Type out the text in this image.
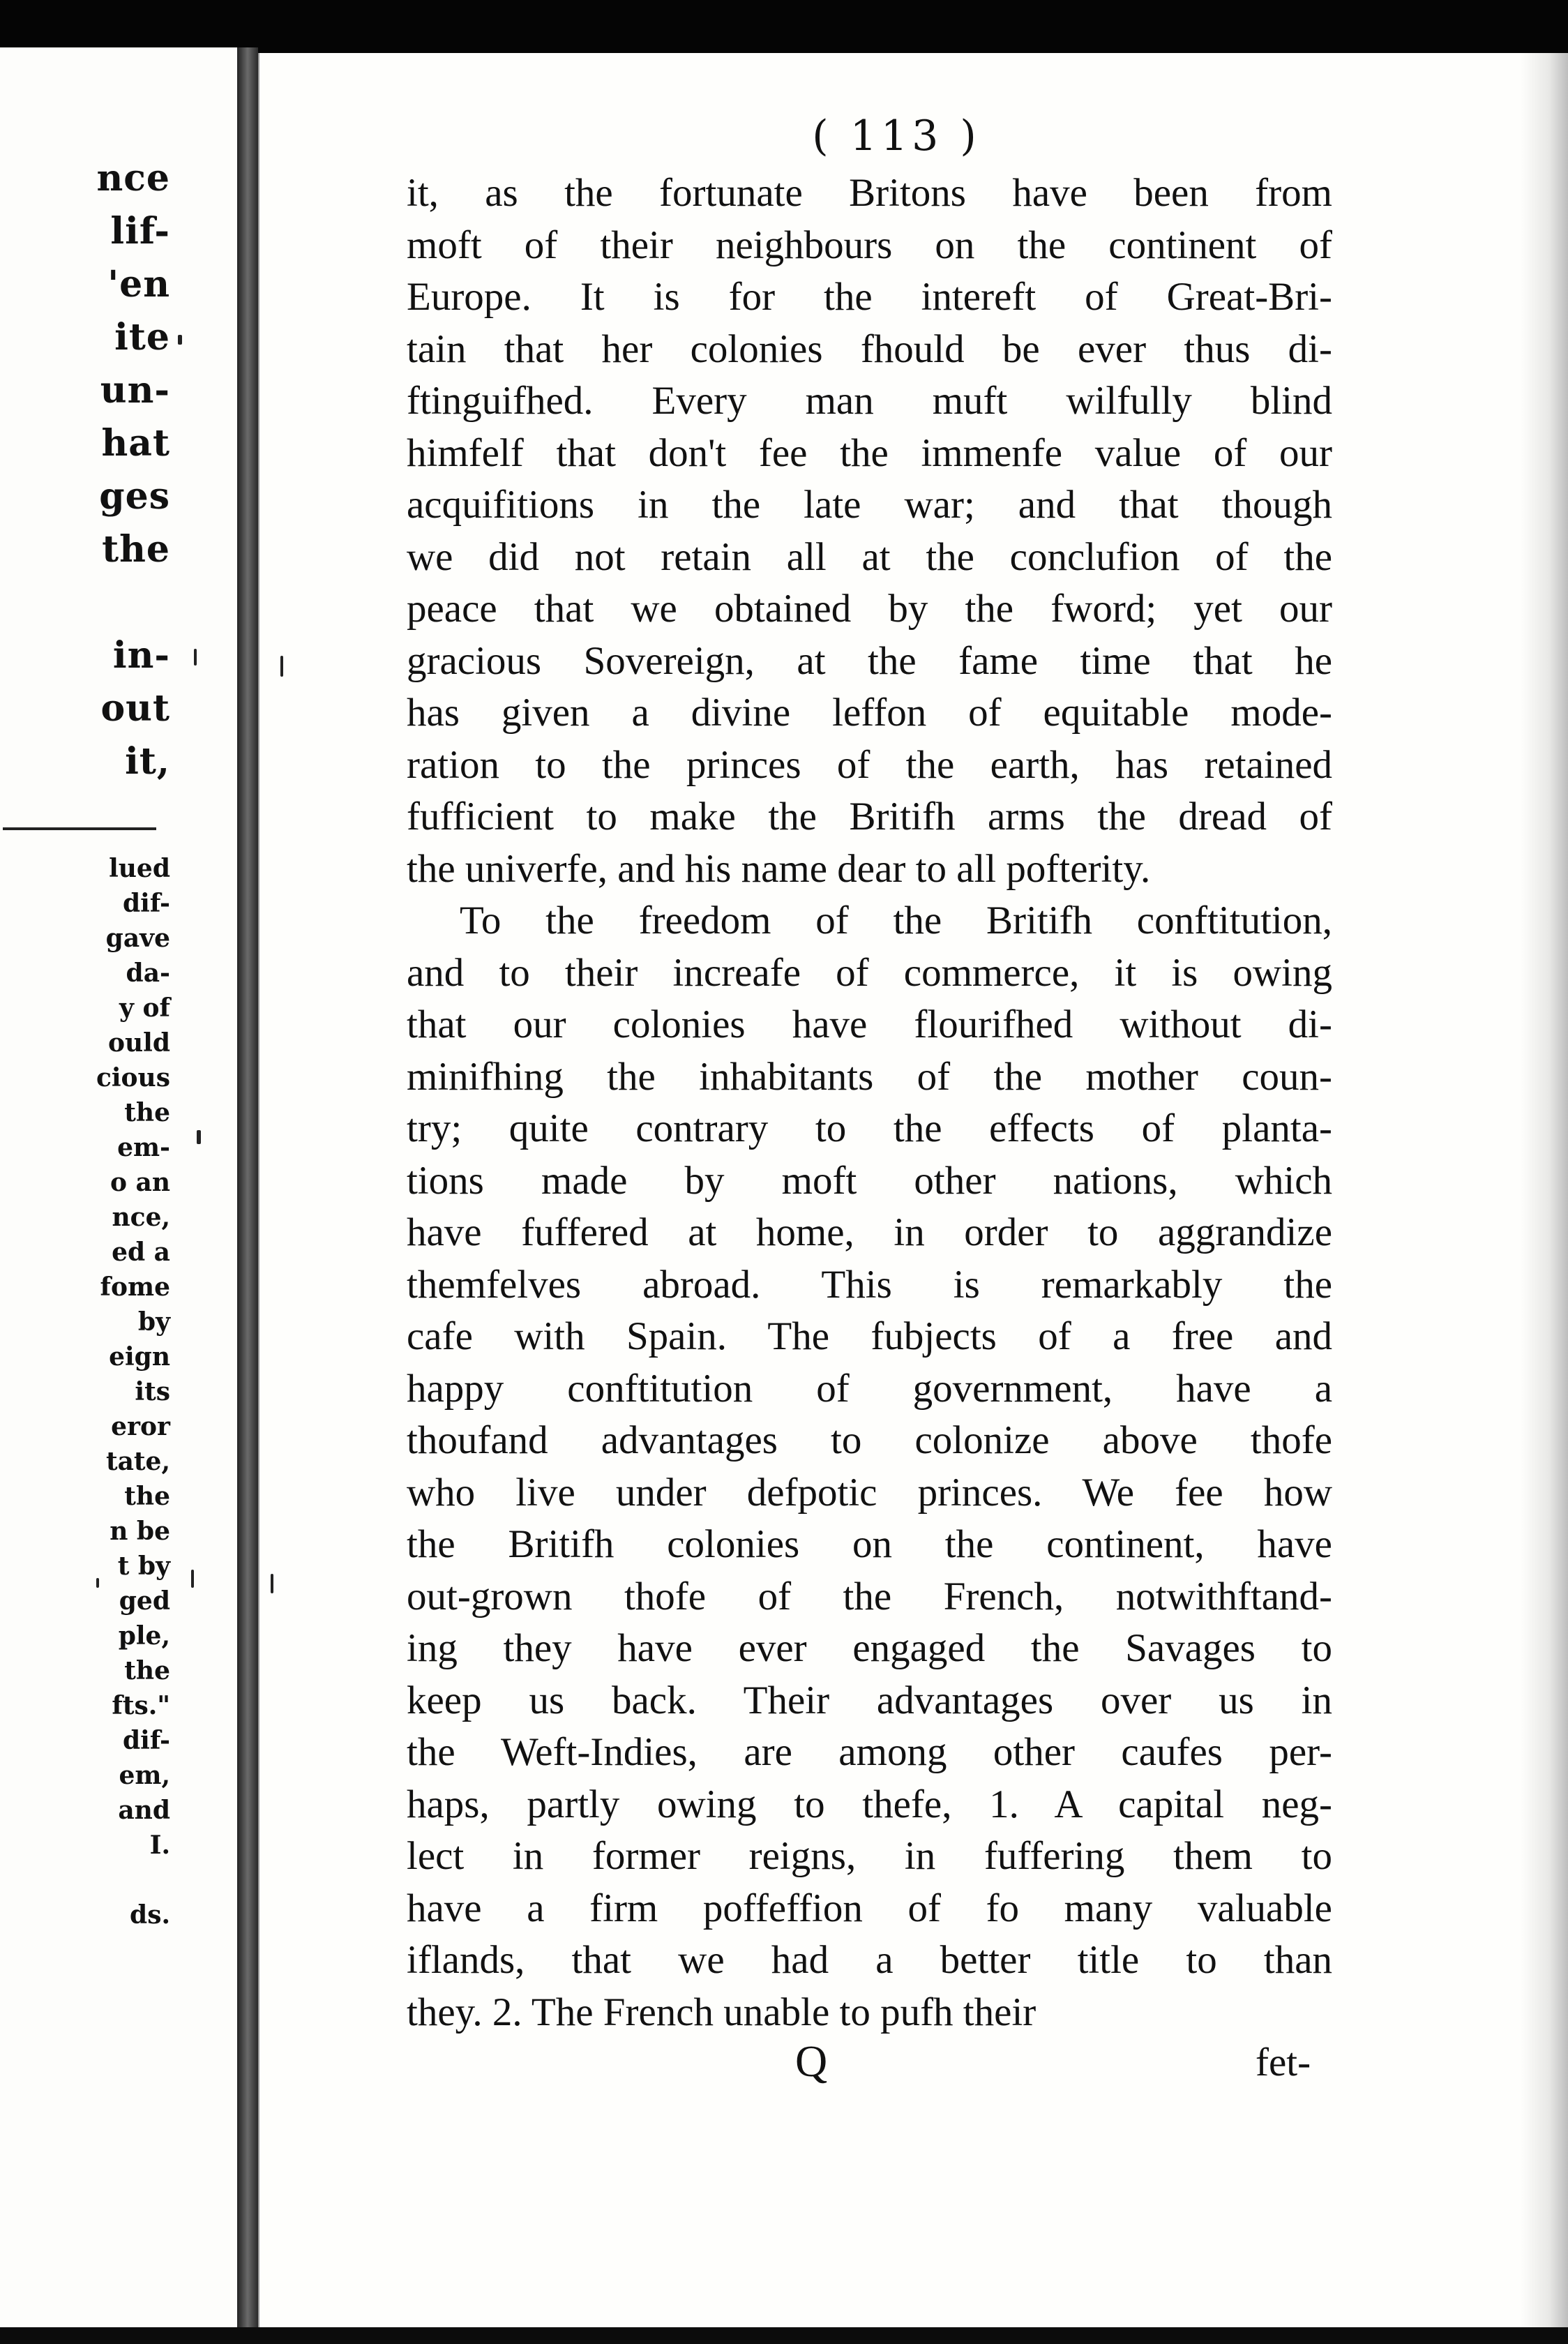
nce
lif-
'en
ite
un-
hat
ges
the

in-
out
it,
lued
dif-
gave
da-
y of
ould
cious
the
em-
o an
nce,
ed a
fome
by
eign
its
eror
tate,
the
n be
t by
ged
ple,
the
fts."
dif-
em,
and
I.

ds.
( 113 )
it, as the fortunate Britons have been from
moft of their neighbours on the continent of
Europe. It is for the intereft of Great-Bri-
tain that her colonies fhould be ever thus di-
ftinguifhed. Every man muft wilfully blind
himfelf that don't fee the immenfe value of our
acquifitions in the late war; and that though
we did not retain all at the conclufion of the
peace that we obtained by the fword; yet our
gracious Sovereign, at the fame time that he
has given a divine leffon of equitable mode-
ration to the princes of the earth, has retained
fufficient to make the Britifh arms the dread of
the univerfe, and his name dear to all pofterity.
To the freedom of the Britifh conftitution,
and to their increafe of commerce, it is owing
that our colonies have flourifhed without di-
minifhing the inhabitants of the mother coun-
try; quite contrary to the effects of planta-
tions made by moft other nations, which
have fuffered at home, in order to aggrandize
themfelves abroad. This is remarkably the
cafe with Spain. The fubjects of a free and
happy conftitution of government, have a
thoufand advantages to colonize above thofe
who live under defpotic princes. We fee how
the Britifh colonies on the continent, have
out-grown thofe of the French, notwithftand-
ing they have ever engaged the Savages to
keep us back. Their advantages over us in
the Weft-Indies, are among other caufes per-
haps, partly owing to thefe, 1. A capital neg-
lect in former reigns, in fuffering them to
have a firm poffeffion of fo many valuable
iflands, that we had a better title to than
they. 2. The French unable to pufh their
Q	fet-
